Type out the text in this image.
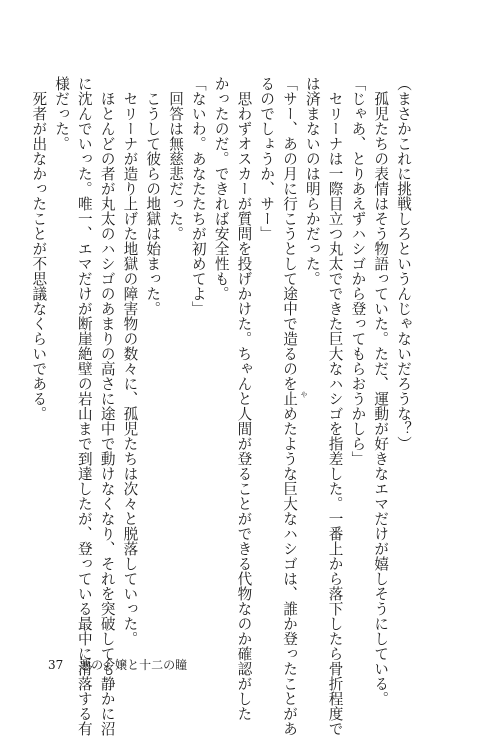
（まさかこれに挑戦しろというんじゃないだろうな？）
　孤児たちの表情はそう物語っていた。ただ、運動が好きなエマだけが嬉しそうにしている。
「じゃあ、とりあえずハシゴから登ってもらおうかしら」
　セリーナは一際目立つ丸太でできた巨大なハシゴを指差した。一番上から落下したら骨折程度で
は済まないのは明らかだった。
「サー、あの月に行こうとして途中で造るのを止 や
めたような巨大なハシゴは、誰か登ったことがあ
るのでしょうか、サー」
　思わずオスカーが質問を投げかけた。ちゃんと人間が登ることができる代物なのか確認がした
かったのだ。できれば安全性も。
「ないわ。あなたたちが初めてよ」
　回答は無慈悲だった。
　こうして彼らの地獄は始まった。
　セリーナが造り上げた地獄の障害物の数々に、孤児たちは次々と脱落していった。
　ほとんどの者が丸太のハシゴのあまりの高さに途中で動けなくなり、それを突破しても静かに沼
に沈んでいった。唯一、エマだけが断崖絶壁の岩山まで到達したが、登っている最中に滑落する有
様だった。
　死者が出なかったことが不思議なくらいである。
37 悪の令嬢と十二の瞳
